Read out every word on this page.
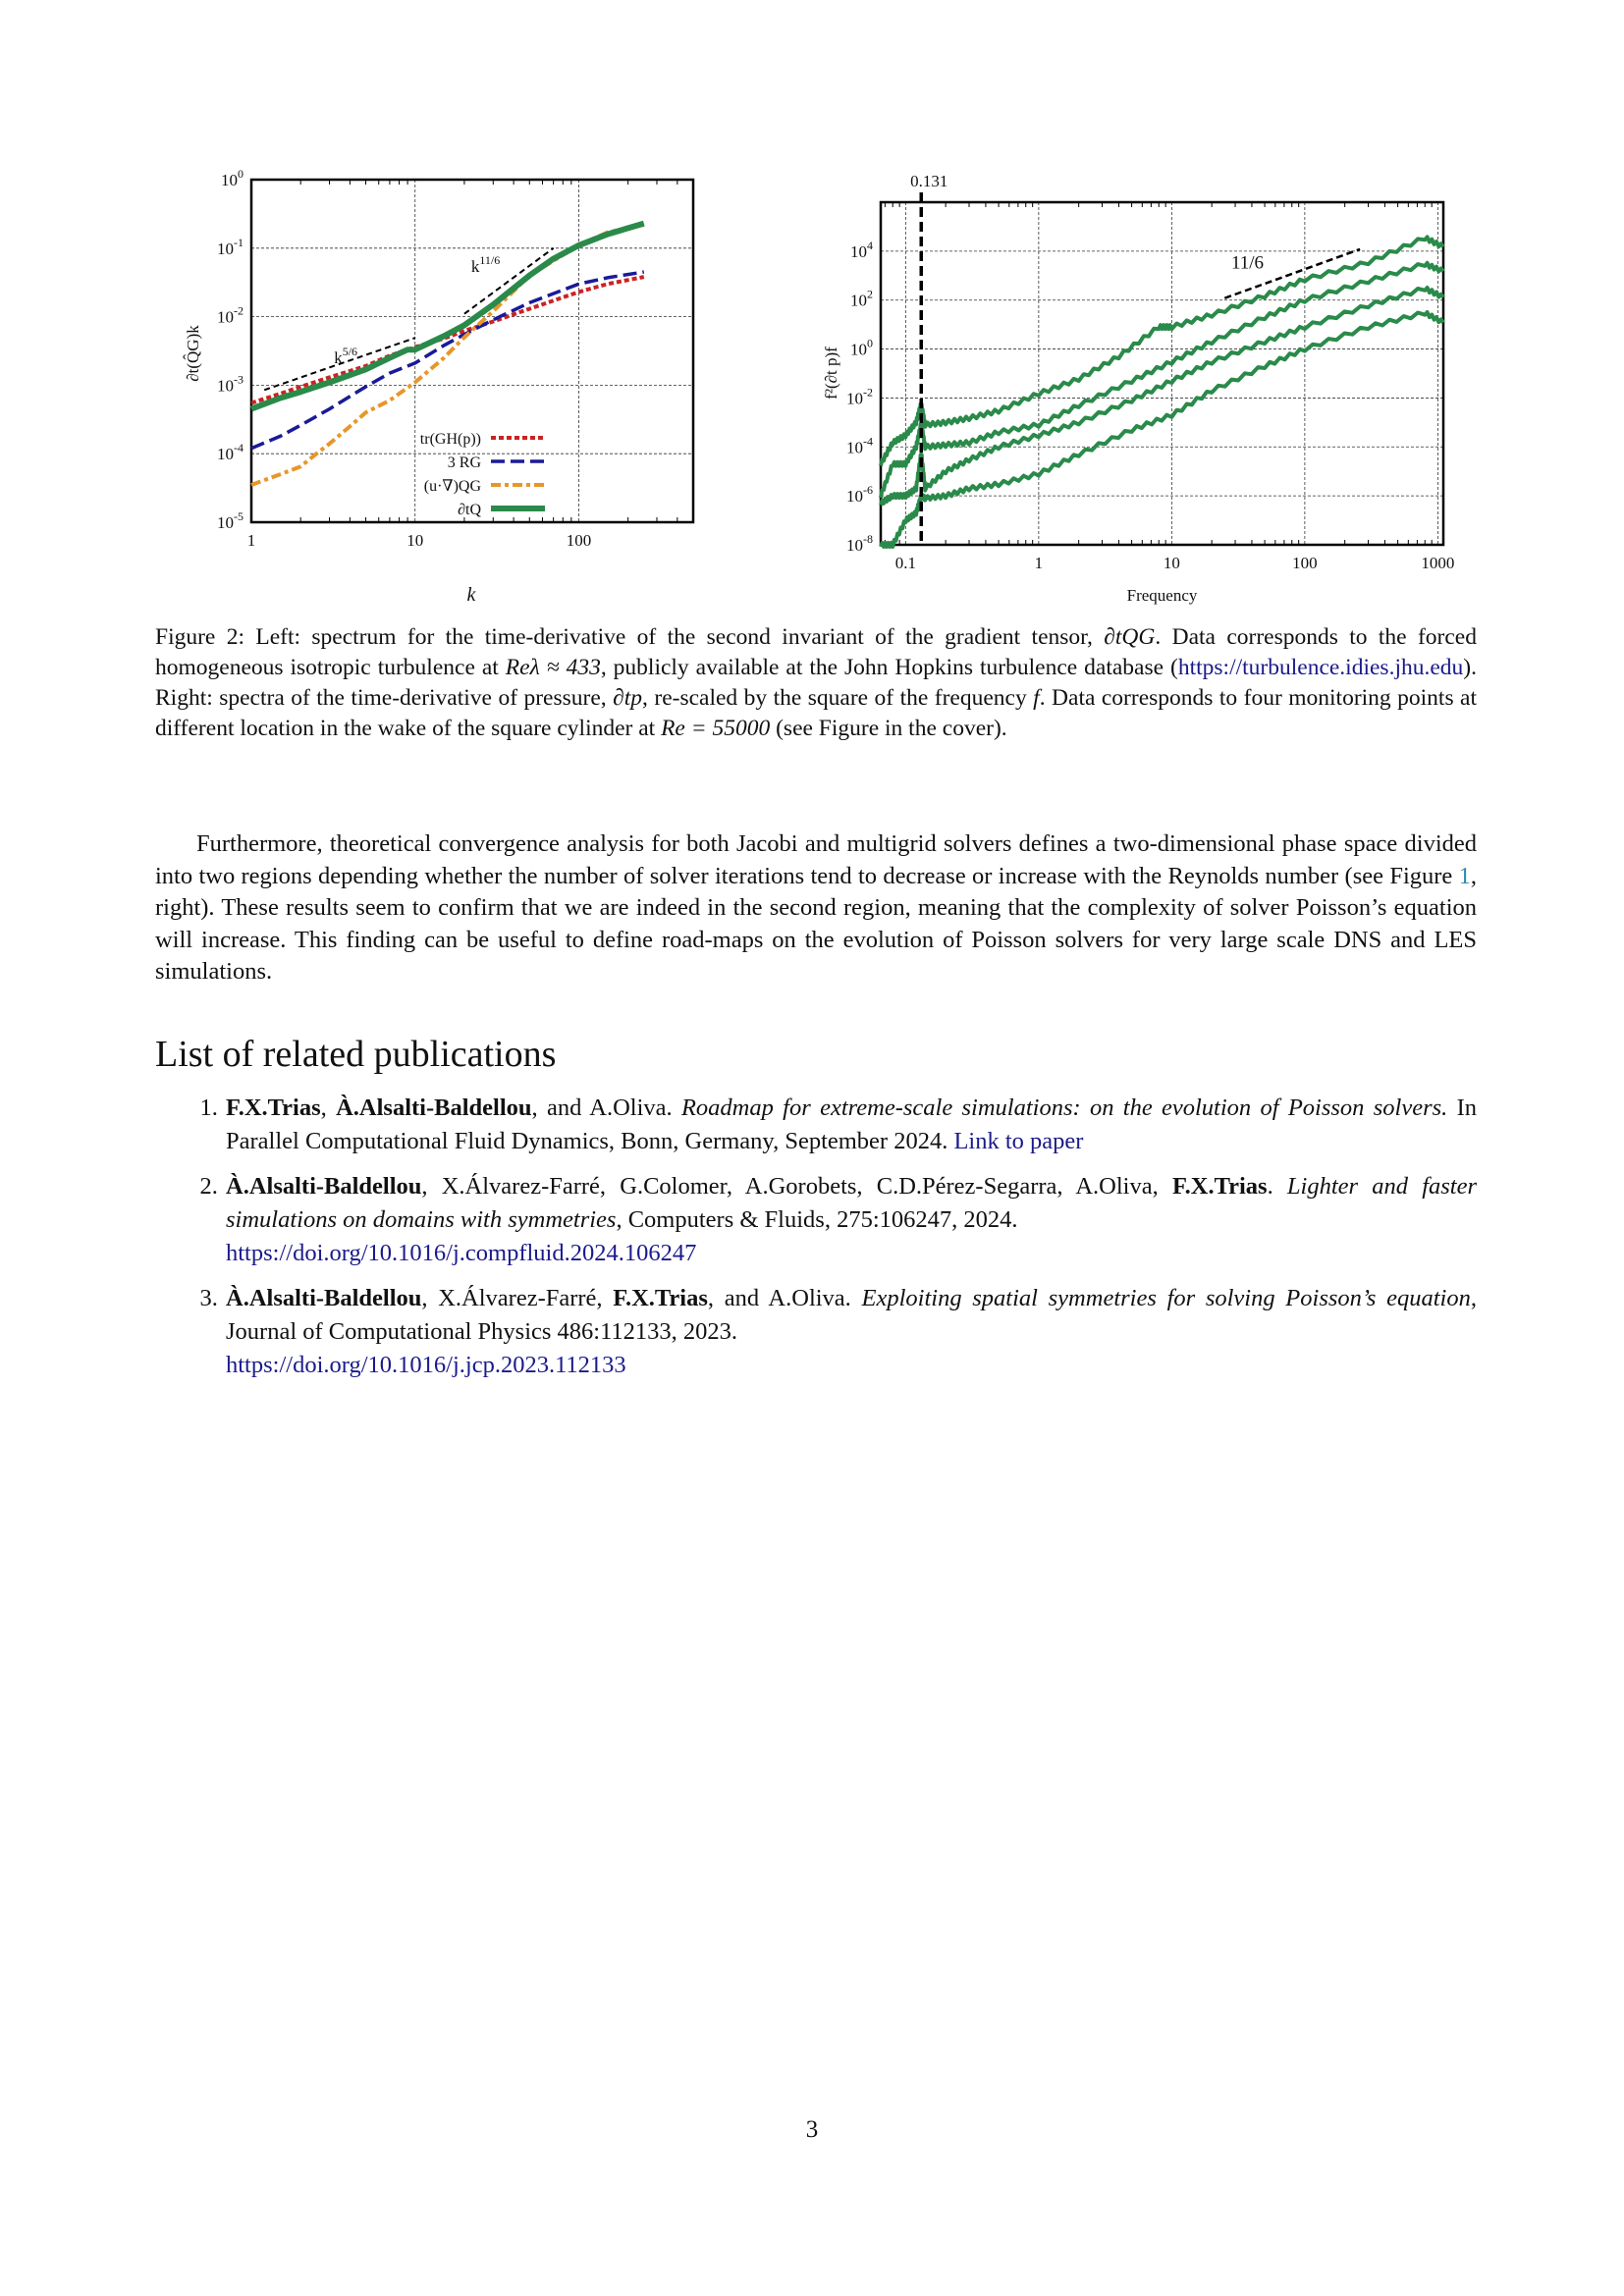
1	10	100
$10^{-5}$
$10^{-4}$
$10^{-3}$
$10^{-2}$
$10^{-1}$
$10^0$
$k^{5/6}$
$k^{11/6}$
tr(GH(p))
3 RG
(u·∇)QG
∂tQ
k
∂t(Q̂G)k
0.1	1	10	100	1000
$10^{-8}$
$10^{-6}$
$10^{-4}$
$10^{-2}$
$10^0$
$10^2$
$10^4$
0.131
11/6
Frequency
f²(∂t p)f
Figure 2: Left: spectrum for the time-derivative of the second invariant of the gradient tensor, ∂tQG. Data corresponds to the forced homogeneous isotropic turbulence at Reλ ≈ 433, publicly available at the John Hopkins turbulence database (https://turbulence.idies.jhu.edu). Right: spectra of the time-derivative of pressure, ∂tp, re-scaled by the square of the frequency f. Data corresponds to four monitoring points at different location in the wake of the square cylinder at Re = 55000 (see Figure in the cover).

Furthermore, theoretical convergence analysis for both Jacobi and multigrid solvers defines a two-dimensional phase space divided into two regions depending whether the number of solver iterations tend to decrease or increase with the Reynolds number (see Figure 1, right). These results seem to confirm that we are indeed in the second region, meaning that the complexity of solver Poisson’s equation will increase. This finding can be useful to define road-maps on the evolution of Poisson solvers for very large scale DNS and LES simulations.

List of related publications
1. F.X.Trias, À.Alsalti-Baldellou, and A.Oliva. Roadmap for extreme-scale simulations: on the evolution of Poisson solvers. In Parallel Computational Fluid Dynamics, Bonn, Germany, September 2024. Link to paper
2. À.Alsalti-Baldellou, X.Álvarez-Farré, G.Colomer, A.Gorobets, C.D.Pérez-Segarra, A.Oliva, F.X.Trias. Lighter and faster simulations on domains with symmetries, Computers & Fluids, 275:106247, 2024.
https://doi.org/10.1016/j.compfluid.2024.106247
3. À.Alsalti-Baldellou, X.Álvarez-Farré, F.X.Trias, and A.Oliva. Exploiting spatial symmetries for solving Poisson’s equation, Journal of Computational Physics 486:112133, 2023.
https://doi.org/10.1016/j.jcp.2023.112133
3
